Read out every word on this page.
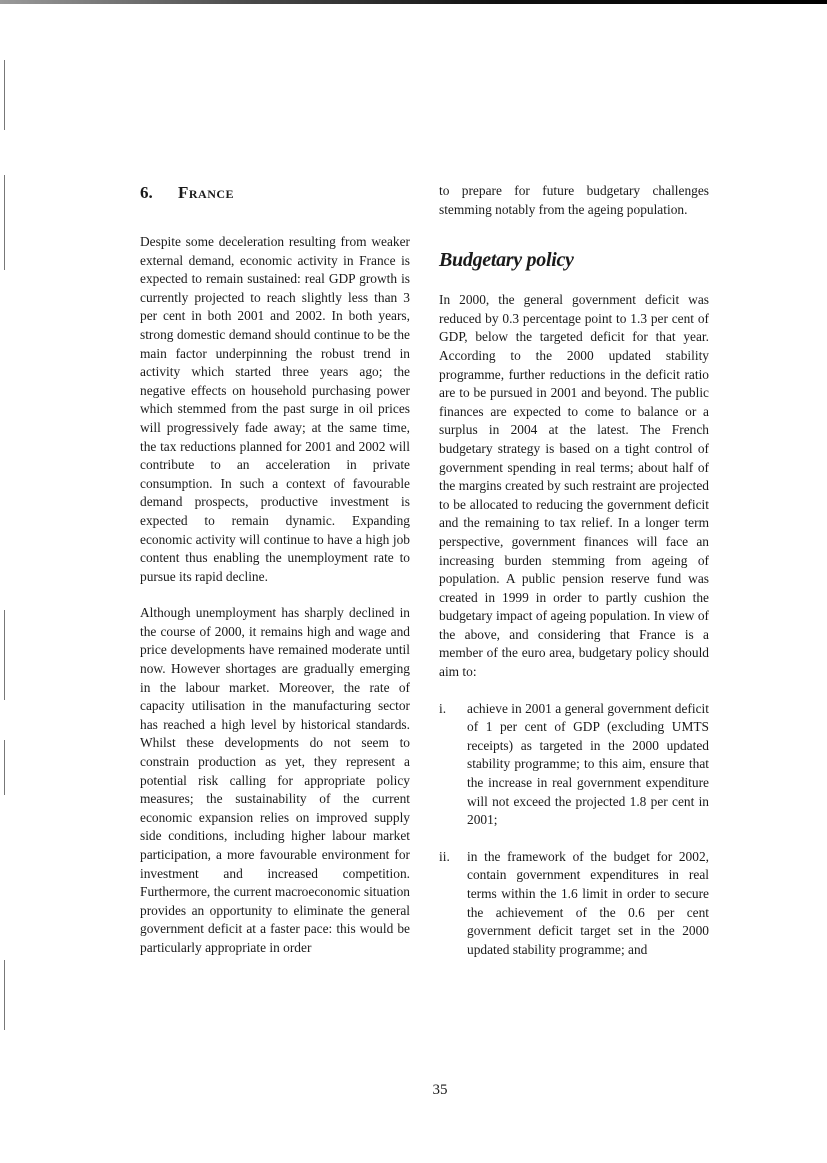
6.	France

Despite some deceleration resulting from weaker external demand, economic activity in France is expected to remain sustained: real GDP growth is currently projected to reach slightly less than 3 per cent in both 2001 and 2002. In both years, strong domestic demand should continue to be the main factor underpinning the robust trend in activity which started three years ago; the negative effects on household purchasing power which stemmed from the past surge in oil prices will progressively fade away; at the same time, the tax reductions planned for 2001 and 2002 will contribute to an acceleration in private consumption. In such a context of favourable demand prospects, productive investment is expected to remain dynamic. Expanding economic activity will continue to have a high job content thus enabling the unemployment rate to pursue its rapid decline.

Although unemployment has sharply declined in the course of 2000, it remains high and wage and price developments have remained moderate until now. However shortages are gradually emerging in the labour market. Moreover, the rate of capacity utilisation in the manufacturing sector has reached a high level by historical standards. Whilst these developments do not seem to constrain production as yet, they represent a potential risk calling for appropriate policy measures; the sustainability of the current economic expansion relies on improved supply side conditions, including higher labour market participation, a more favourable environment for investment and increased competition. Furthermore, the current macroeconomic situation provides an opportunity to eliminate the general government deficit at a faster pace: this would be particularly appropriate in order

to prepare for future budgetary challenges stemming notably from the ageing population.

Budgetary policy

In 2000, the general government deficit was reduced by 0.3 percentage point to 1.3 per cent of GDP, below the targeted deficit for that year. According to the 2000 updated stability programme, further reductions in the deficit ratio are to be pursued in 2001 and beyond. The public finances are expected to come to balance or a surplus in 2004 at the latest. The French budgetary strategy is based on a tight control of government spending in real terms; about half of the margins created by such restraint are projected to be allocated to reducing the government deficit and the remaining to tax relief. In a longer term perspective, government finances will face an increasing burden stemming from ageing of population. A public pension reserve fund was created in 1999 in order to partly cushion the budgetary impact of ageing population. In view of the above, and considering that France is a member of the euro area, budgetary policy should aim to:

i.	achieve in 2001 a general government deficit of 1 per cent of GDP (excluding UMTS receipts) as targeted in the 2000 updated stability programme; to this aim, ensure that the increase in real government expenditure will not exceed the projected 1.8 per cent in 2001;
ii.	in the framework of the budget for 2002, contain government expenditures in real terms within the 1.6 limit in order to secure the achievement of the 0.6 per cent government deficit target set in the 2000 updated stability programme; and
35
